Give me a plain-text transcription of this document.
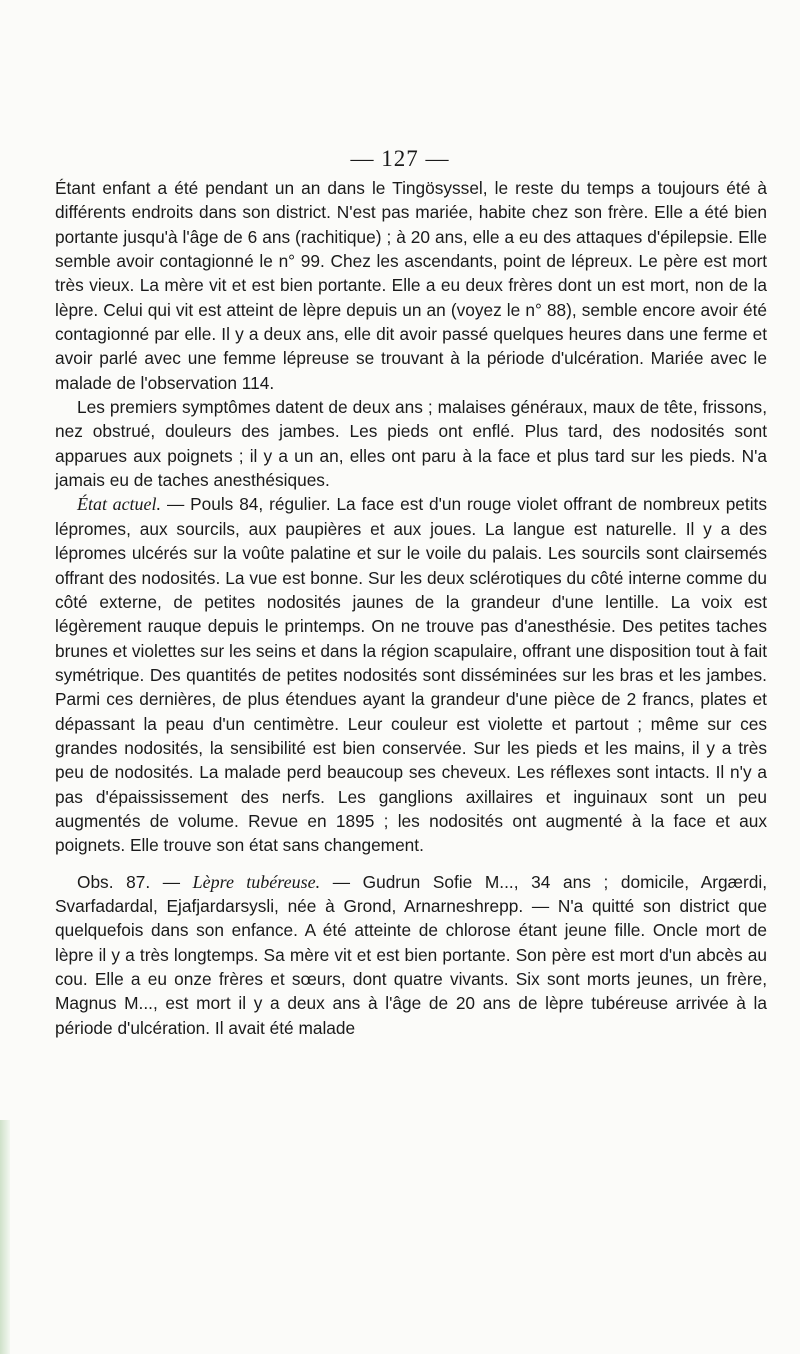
— 127 —

Étant enfant a été pendant un an dans le Tingösyssel, le reste du temps a toujours été à différents endroits dans son district. N'est pas mariée, habite chez son frère. Elle a été bien portante jusqu'à l'âge de 6 ans (rachitique) ; à 20 ans, elle a eu des attaques d'épilepsie. Elle semble avoir contagionné le n° 99. Chez les ascendants, point de lépreux. Le père est mort très vieux. La mère vit et est bien portante. Elle a eu deux frères dont un est mort, non de la lèpre. Celui qui vit est atteint de lèpre depuis un an (voyez le n° 88), semble encore avoir été contagionné par elle. Il y a deux ans, elle dit avoir passé quelques heures dans une ferme et avoir parlé avec une femme lépreuse se trouvant à la période d'ulcération. Mariée avec le malade de l'observation 114.

Les premiers symptômes datent de deux ans ; malaises généraux, maux de tête, frissons, nez obstrué, douleurs des jambes. Les pieds ont enflé. Plus tard, des nodosités sont apparues aux poignets ; il y a un an, elles ont paru à la face et plus tard sur les pieds. N'a jamais eu de taches anesthésiques.

État actuel. — Pouls 84, régulier. La face est d'un rouge violet offrant de nombreux petits lépromes, aux sourcils, aux paupières et aux joues. La langue est naturelle. Il y a des lépromes ulcérés sur la voûte palatine et sur le voile du palais. Les sourcils sont clairsemés offrant des nodosités. La vue est bonne. Sur les deux sclérotiques du côté interne comme du côté externe, de petites nodosités jaunes de la grandeur d'une lentille. La voix est légèrement rauque depuis le printemps. On ne trouve pas d'anesthésie. Des petites taches brunes et violettes sur les seins et dans la région scapulaire, offrant une disposition tout à fait symétrique. Des quantités de petites nodosités sont disséminées sur les bras et les jambes. Parmi ces dernières, de plus étendues ayant la grandeur d'une pièce de 2 francs, plates et dépassant la peau d'un centimètre. Leur couleur est violette et partout ; même sur ces grandes nodosités, la sensibilité est bien conservée. Sur les pieds et les mains, il y a très peu de nodosités. La malade perd beaucoup ses cheveux. Les réflexes sont intacts. Il n'y a pas d'épaississement des nerfs. Les ganglions axillaires et inguinaux sont un peu augmentés de volume. Revue en 1895 ; les nodosités ont augmenté à la face et aux poignets. Elle trouve son état sans changement.

Obs. 87. — Lèpre tubéreuse. — Gudrun Sofie M..., 34 ans ; domicile, Argærdi, Svarfadardal, Ejafjardarsysli, née à Grond, Arnarneshrepp. — N'a quitté son district que quelquefois dans son enfance. A été atteinte de chlorose étant jeune fille. Oncle mort de lèpre il y a très longtemps. Sa mère vit et est bien portante. Son père est mort d'un abcès au cou. Elle a eu onze frères et sœurs, dont quatre vivants. Six sont morts jeunes, un frère, Magnus M..., est mort il y a deux ans à l'âge de 20 ans de lèpre tubéreuse arrivée à la période d'ulcération. Il avait été malade
